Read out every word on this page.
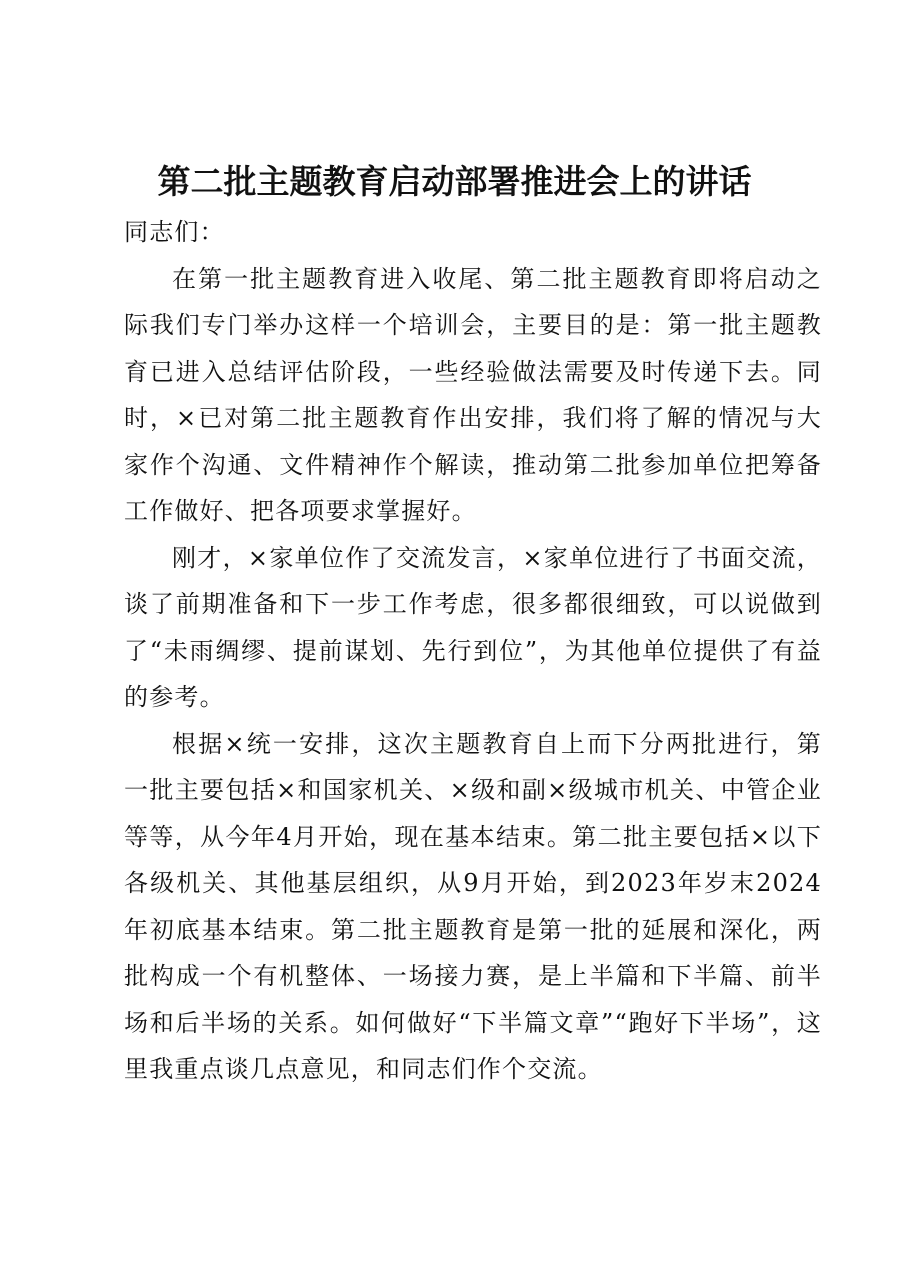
第二批主题教育启动部署推进会上的讲话

同志们：

在第一批主题教育进入收尾、第二批主题教育即将启动之际我们专门举办这样一个培训会，主要目的是：第一批主题教育已进入总结评估阶段，一些经验做法需要及时传递下去。同时，×已对第二批主题教育作出安排，我们将了解的情况与大家作个沟通、文件精神作个解读，推动第二批参加单位把筹备工作做好、把各项要求掌握好。

刚才，×家单位作了交流发言，×家单位进行了书面交流，谈了前期准备和下一步工作考虑，很多都很细致，可以说做到了“未雨绸缪、提前谋划、先行到位”，为其他单位提供了有益的参考。

根据×统一安排，这次主题教育自上而下分两批进行，第一批主要包括×和国家机关、×级和副×级城市机关、中管企业等等，从今年4月开始，现在基本结束。第二批主要包括×以下各级机关、其他基层组织，从9月开始，到2023年岁末2024年初底基本结束。第二批主题教育是第一批的延展和深化，两批构成一个有机整体、一场接力赛，是上半篇和下半篇、前半场和后半场的关系。如何做好“下半篇文章”“跑好下半场”，这里我重点谈几点意见，和同志们作个交流。
